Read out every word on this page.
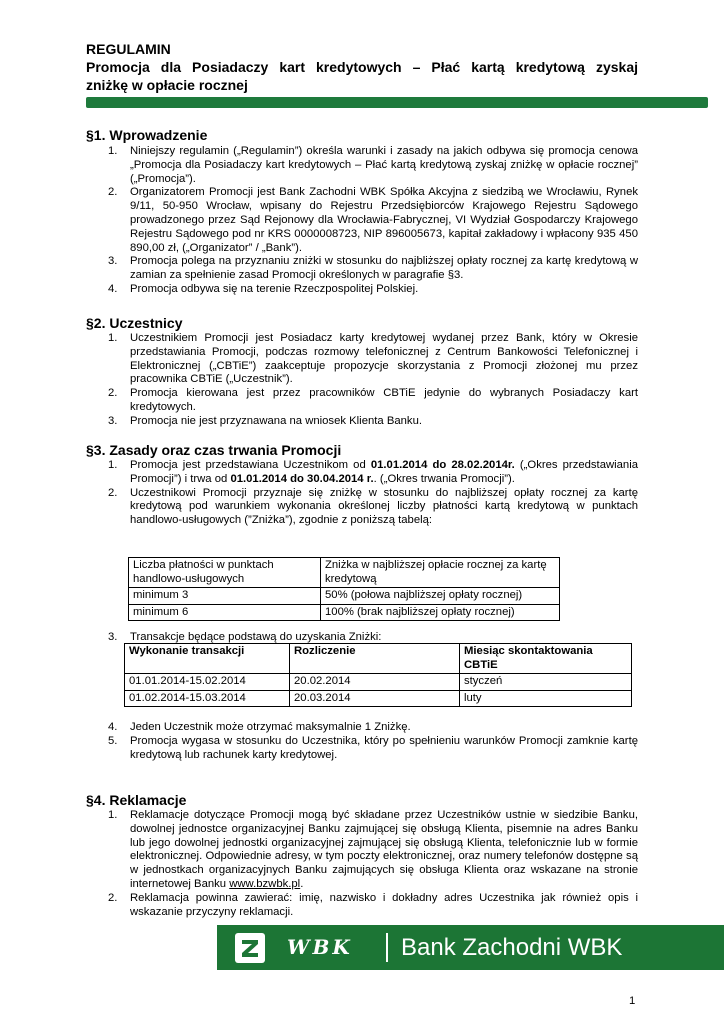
REGULAMIN
Promocja dla Posiadaczy kart kredytowych – Płać kartą kredytową zyskaj
zniżkę w opłacie rocznej
§1. Wprowadzenie
1. Niniejszy regulamin („Regulamin”) określa warunki i zasady na jakich odbywa się promocja cenowa „Promocja dla Posiadaczy kart kredytowych – Płać kartą kredytową zyskaj zniżkę w opłacie rocznej” („Promocja”).
2. Organizatorem Promocji jest Bank Zachodni WBK Spółka Akcyjna z siedzibą we Wrocławiu, Rynek 9/11, 50-950 Wrocław, wpisany do Rejestru Przedsiębiorców Krajowego Rejestru Sądowego prowadzonego przez Sąd Rejonowy dla Wrocławia-Fabrycznej, VI Wydział Gospodarczy Krajowego Rejestru Sądowego pod nr KRS 0000008723, NIP 896005673, kapitał zakładowy i wpłacony 935 450 890,00 zł, („Organizator” / „Bank”).
3. Promocja polega na przyznaniu zniżki w stosunku do najbliższej opłaty rocznej za kartę kredytową w zamian za spełnienie zasad Promocji określonych w paragrafie §3.
4. Promocja odbywa się na terenie Rzeczpospolitej Polskiej.
§2. Uczestnicy
1. Uczestnikiem Promocji jest Posiadacz karty kredytowej wydanej przez Bank, który w Okresie przedstawiania Promocji, podczas rozmowy telefonicznej z Centrum Bankowości Telefonicznej i Elektronicznej („CBTiE”) zaakceptuje propozycje skorzystania z Promocji złożonej mu przez pracownika CBTiE („Uczestnik”).
2. Promocja kierowana jest przez pracowników CBTiE jedynie do wybranych Posiadaczy kart kredytowych.
3. Promocja nie jest przyznawana na wniosek Klienta Banku.
§3. Zasady oraz czas trwania Promocji
1. Promocja jest przedstawiana Uczestnikom od 01.01.2014 do 28.02.2014r. („Okres przedstawiania Promocji”) i trwa od 01.01.2014 do 30.04.2014 r.. („Okres trwania Promocji”).
2. Uczestnikowi Promocji przyznaje się zniżkę w stosunku do najbliższej opłaty rocznej za kartę kredytową pod warunkiem wykonania określonej liczby płatności kartą kredytową w punktach handlowo-usługowych (”Zniżka”), zgodnie z poniższą tabelą:
Liczba płatności w punktach handlowo-usługowych	Zniżka w najbliższej opłacie rocznej za kartę kredytową
minimum 3	50% (połowa najbliższej opłaty rocznej)
minimum 6	100% (brak najbliższej opłaty rocznej)
3. Transakcje będące podstawą do uzyskania Zniżki:
Wykonanie transakcji	Rozliczenie	Miesiąc skontaktowania CBTiE
01.01.2014-15.02.2014	20.02.2014	styczeń
01.02.2014-15.03.2014	20.03.2014	luty
4. Jeden Uczestnik może otrzymać maksymalnie 1 Zniżkę.
5. Promocja wygasa w stosunku do Uczestnika, który po spełnieniu warunków Promocji zamknie kartę kredytową lub rachunek karty kredytowej.
§4. Reklamacje
1. Reklamacje dotyczące Promocji mogą być składane przez Uczestników ustnie w siedzibie Banku, dowolnej jednostce organizacyjnej Banku zajmującej się obsługą Klienta, pisemnie na adres Banku lub jego dowolnej jednostki organizacyjnej zajmującej się obsługą Klienta, telefonicznie lub w formie elektronicznej. Odpowiednie adresy, w tym poczty elektronicznej, oraz numery telefonów dostępne są w jednostkach organizacyjnych Banku zajmujących się obsługa Klienta oraz wskazane na stronie internetowej Banku www.bzwbk.pl.
2. Reklamacja powinna zawierać: imię, nazwisko i dokładny adres Uczestnika jak również opis i wskazanie przyczyny reklamacji.
WBK Bank Zachodni WBK
1
